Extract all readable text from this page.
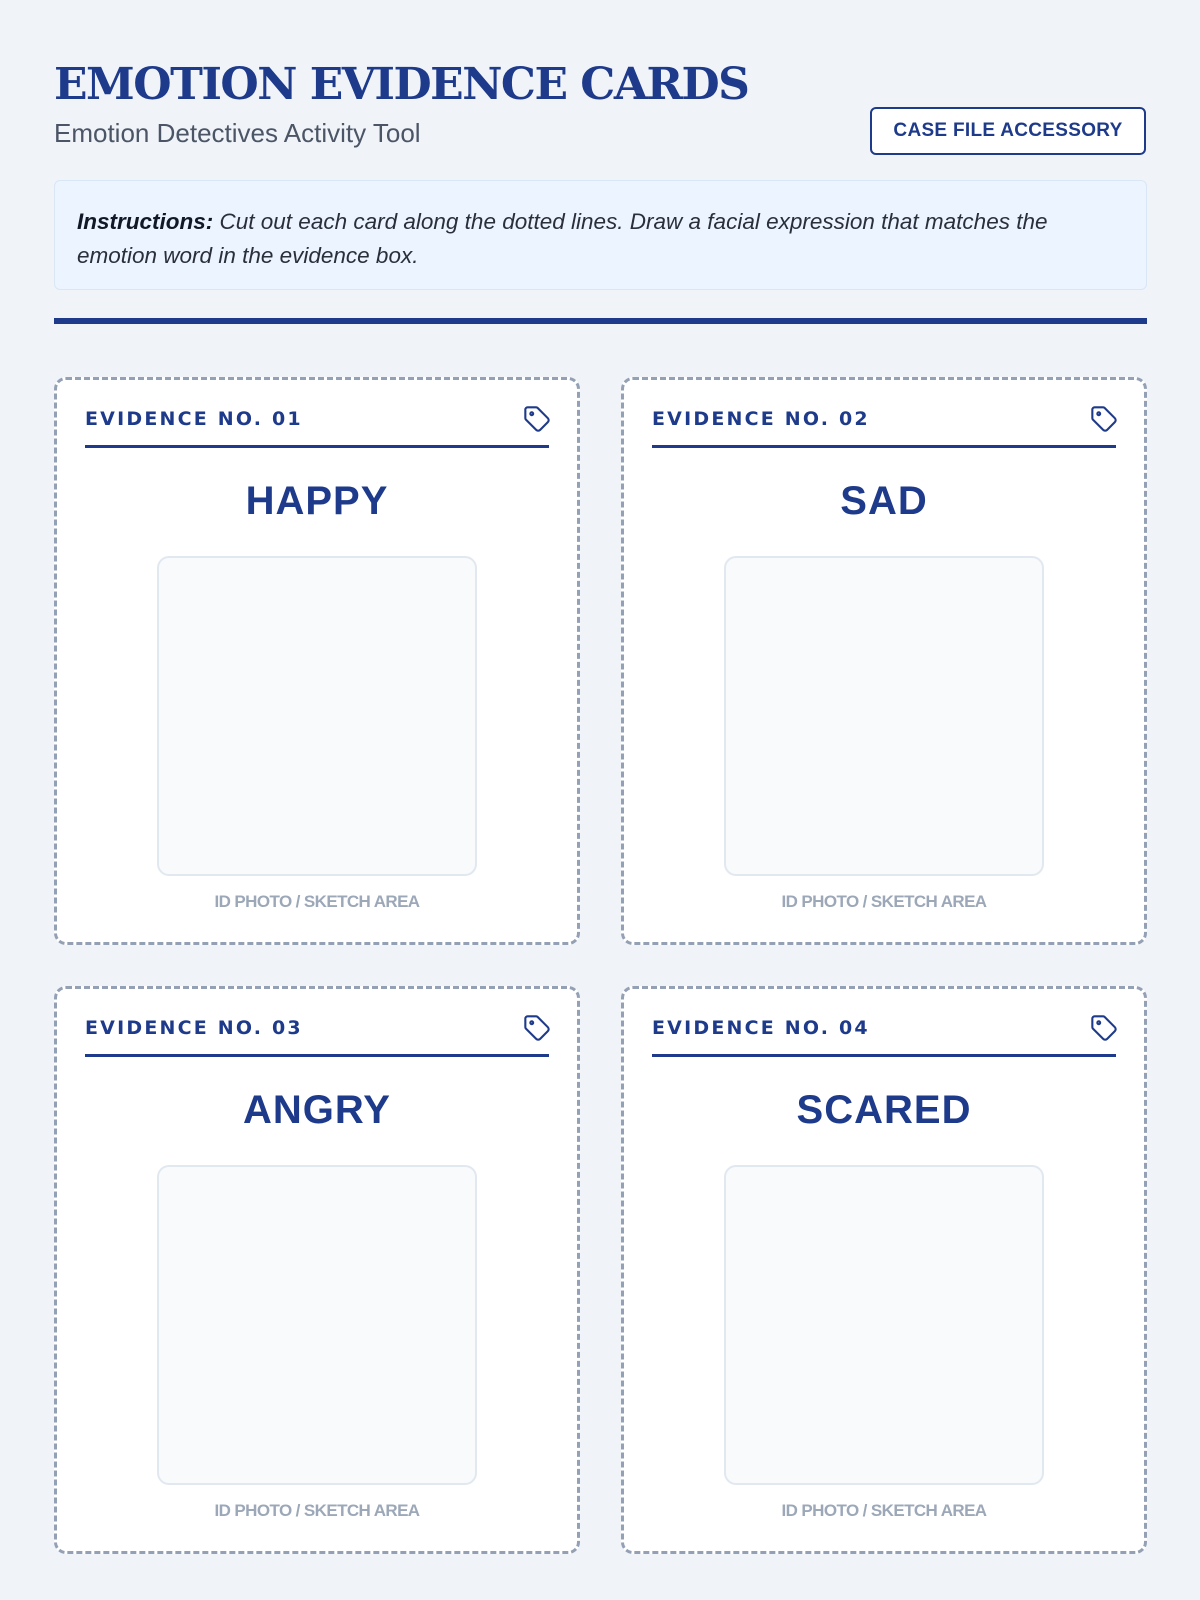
EMOTION EVIDENCE CARDS
Emotion Detectives Activity Tool	CASE FILE ACCESSORY
Instructions: Cut out each card along the dotted lines. Draw a facial expression that matches the emotion word in the evidence box.
EVIDENCE NO. 01
HAPPY
ID PHOTO / SKETCH AREA
EVIDENCE NO. 02
SAD
ID PHOTO / SKETCH AREA
EVIDENCE NO. 03
ANGRY
ID PHOTO / SKETCH AREA
EVIDENCE NO. 04
SCARED
ID PHOTO / SKETCH AREA
